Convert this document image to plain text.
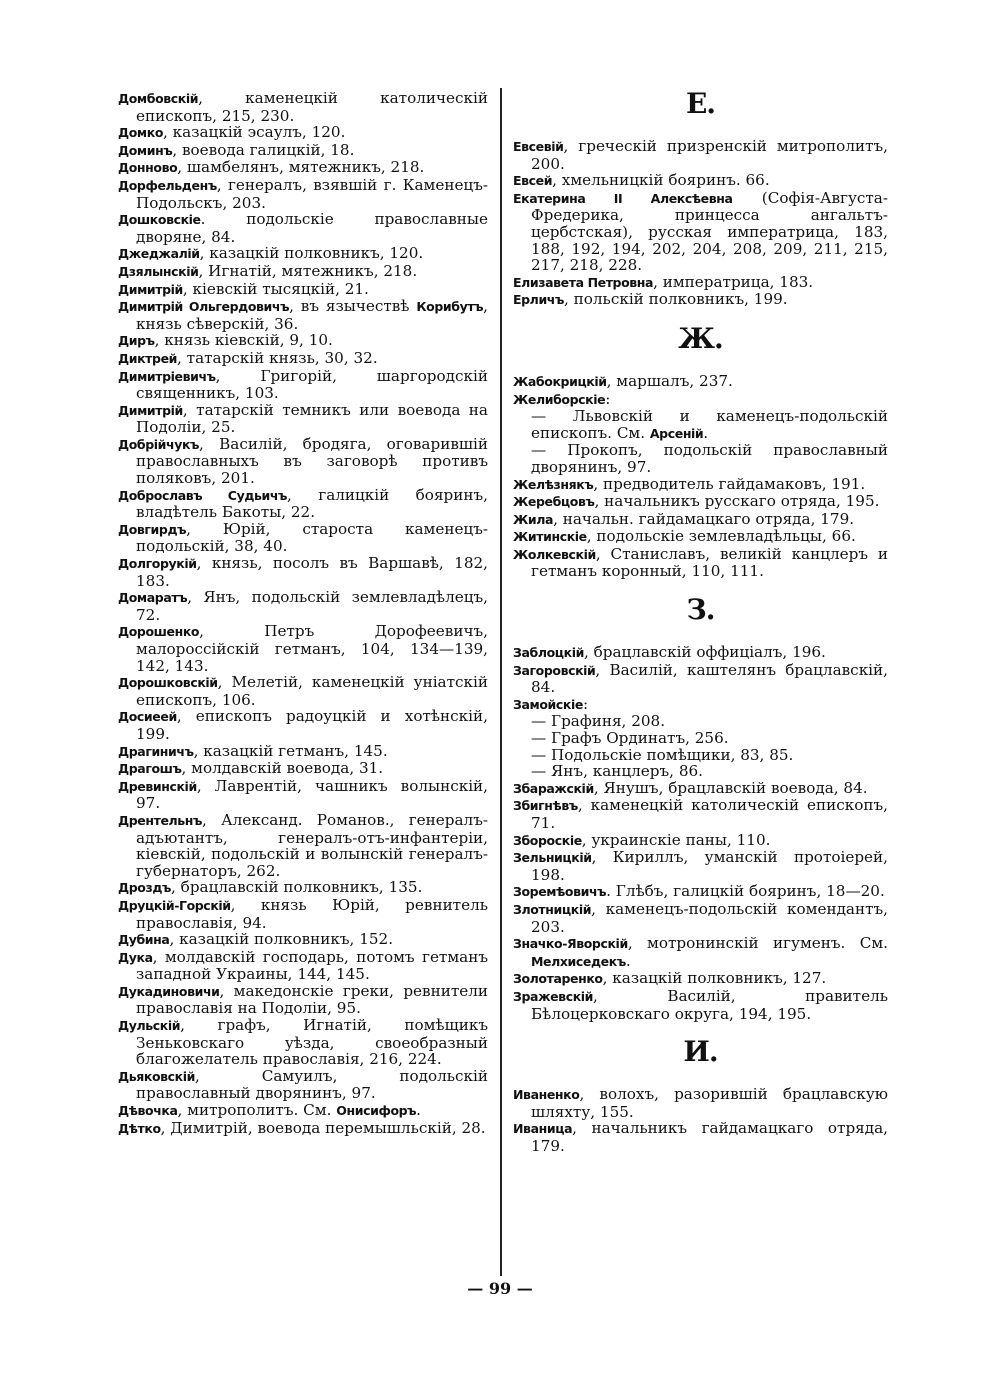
Домбовскій, каменецкій католическій епископъ, 215, 230.

Домко, казацкій эсаулъ, 120.

Доминъ, воевода галицкій, 18.

Донново, шамбелянъ, мятежникъ, 218.

Дорфельденъ, генералъ, взявшій г. Каменецъ-Подольскъ, 203.

Дошковскіе. подольскіе православные дворяне, 84.

Джеджалій, казацкій полковникъ, 120.

Дзялынскій, Игнатій, мятежникъ, 218.

Димитрій, кіевскій тысяцкій, 21.

Димитрій Ольгердовичъ, въ язычествѣ Корибутъ, князь сѣверскій, 36.

Диръ, князь кіевскій, 9, 10.

Диктрей, татарскій князь, 30, 32.

Димитріевичъ, Григорій, шаргородскій священникъ, 103.

Димитрій, татарскій темникъ или воевода на Подоліи, 25.

Добрійчукъ, Василій, бродяга, оговарившій православныхъ въ заговорѣ противъ поляковъ, 201.

Доброславъ Судьичъ, галицкій бояринъ, владѣтель Бакоты, 22.

Довгирдъ, Юрій, староста каменецъ-подольскій, 38, 40.

Долгорукій, князь, посолъ въ Варшавѣ, 182, 183.

Домаратъ, Янъ, подольскій землевладѣлецъ, 72.

Дорошенко, Петръ Дорофеевичъ, малороссійскій гетманъ, 104, 134—139, 142, 143.

Дорошковскій, Мелетій, каменецкій уніатскій епископъ, 106.

Досиеей, епископъ радоуцкій и хотѣнскій, 199.

Драгиничъ, казацкій гетманъ, 145.

Драгошъ, молдавскій воевода, 31.

Древинскій, Лаврентій, чашникъ волынскій, 97.

Дрентельнъ, Александ. Романов., генералъ-адъютантъ, генералъ-отъ-инфантеріи, кіевскій, подольскій и волынскій генералъ-губернаторъ, 262.

Дроздъ, брацлавскій полковникъ, 135.

Друцкій-Горскій, князь Юрій, ревнитель православія, 94.

Дубина, казацкій полковникъ, 152.

Дука, молдавскій господарь, потомъ гетманъ западной Украины, 144, 145.

Дукадиновичи, македонскіе греки, ревнители православія на Подоліи, 95.

Дульскій, графъ, Игнатій, помѣщикъ Зеньковскаго уѣзда, своеобразный благожелатель православія, 216, 224.

Дьяковскій, Самуилъ, подольскій православный дворянинъ, 97.

Дѣвочка, митрополитъ. См. Онисифоръ.

Дѣтко, Димитрій, воевода перемышльскій, 28.

Е.

Евсевій, греческій призренскій митрополитъ, 200.

Евсей, хмельницкій бояринъ. 66.

Екатерина II Алексѣевна (Софія-Августа-Фредерика, принцесса ангальтъ-цербстская), русская императрица, 183, 188, 192, 194, 202, 204, 208, 209, 211, 215, 217, 218, 228.

Елизавета Петровна, императрица, 183.

Ерличъ, польскій полковникъ, 199.

Ж.

Жабокрицкій, маршалъ, 237.

Желиборскіе:

— Львовскій и каменецъ-подольскій епископъ. См. Арсеній.

— Прокопъ, подольскій православный дворянинъ, 97.

Желѣзнякъ, предводитель гайдамаковъ, 191.

Жеребцовъ, начальникъ русскаго отряда, 195.

Жила, начальн. гайдамацкаго отряда, 179.

Житинскіе, подольскіе землевладѣльцы, 66.

Жолкевскій, Станиславъ, великій канцлеръ и гетманъ коронный, 110, 111.

З.

Заблоцкій, брацлавскій оффиціалъ, 196.

Загоровскій, Василій, каштелянъ брацлавскій, 84.

Замойскіе:

— Графиня, 208.

— Графъ Ординатъ, 256.

— Подольскіе помѣщики, 83, 85.

— Янъ, канцлеръ, 86.

Збаражскій, Янушъ, брацлавскій воевода, 84.

Збигнѣвъ, каменецкій католическій епископъ, 71.

Збороскіе, украинскіе паны, 110.

Зельницкій, Кириллъ, уманскій протоіерей, 198.

Зоремѣовичъ. Глѣбъ, галицкій бояринъ, 18—20.

Злотницкій, каменецъ-подольскій комендантъ, 203.

Значко-Яворскій, мотронинскій игуменъ. См. Мелхиседекъ.

Золотаренко, казацкій полковникъ, 127.

Зражевскій, Василій, правитель Бѣлоцерковскаго округа, 194, 195.

И.

Иваненко, волохъ, разорившій брацлавскую шляхту, 155.

Иваница, начальникъ гайдамацкаго отряда, 179.

— 99 —
